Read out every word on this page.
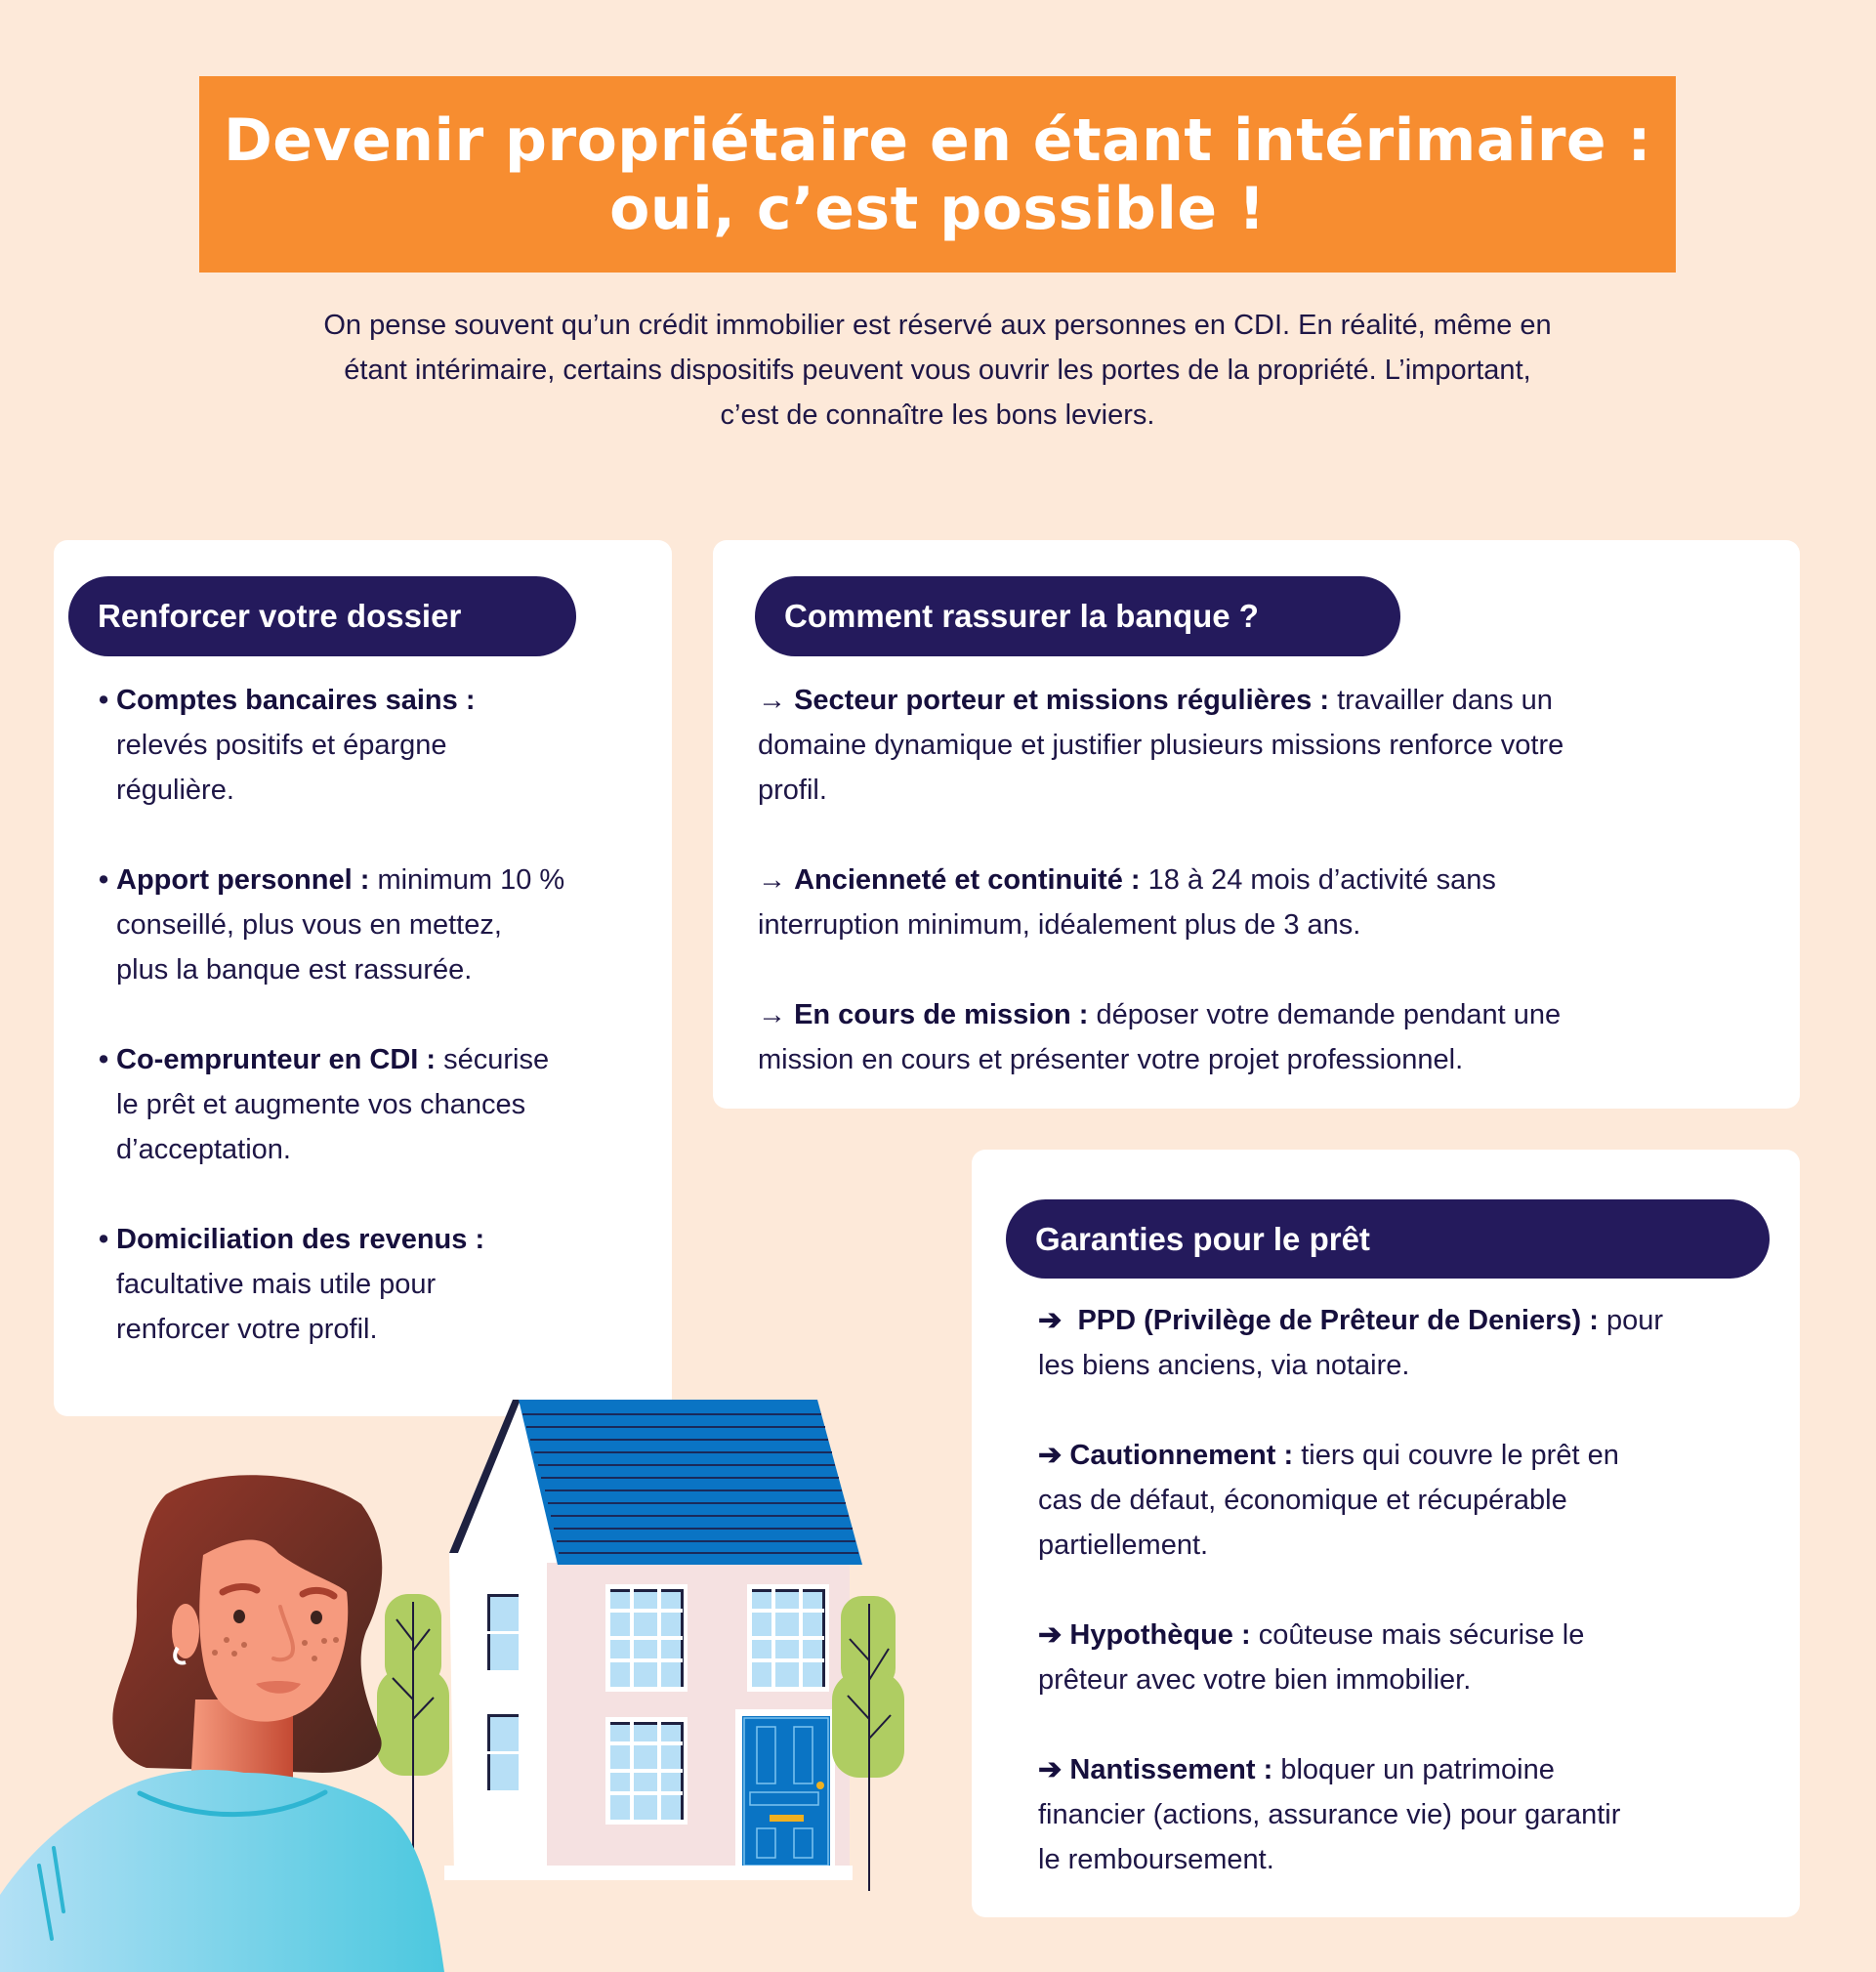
Devenir propriétaire en étant intérimaire :
oui, c’est possible !
On pense souvent qu’un crédit immobilier est réservé aux personnes en CDI. En réalité, même en
étant intérimaire, certains dispositifs peuvent vous ouvrir les portes de la propriété. L’important,
c’est de connaître les bons leviers.
Renforcer votre dossier
• Comptes bancaires sains :
relevés positifs et épargne
régulière.
• Apport personnel : minimum 10 %
conseillé, plus vous en mettez,
plus la banque est rassurée.
• Co-emprunteur en CDI : sécurise
le prêt et augmente vos chances
d’acceptation.
• Domiciliation des revenus :
facultative mais utile pour
renforcer votre profil.
Comment rassurer la banque ?
→ Secteur porteur et missions régulières : travailler dans un
domaine dynamique et justifier plusieurs missions renforce votre
profil.
→ Ancienneté et continuité : 18 à 24 mois d’activité sans
interruption minimum, idéalement plus de 3 ans.
→ En cours de mission : déposer votre demande pendant une
mission en cours et présenter votre projet professionnel.
Garanties pour le prêt
➔ PPD (Privilège de Prêteur de Deniers) : pour
les biens anciens, via notaire.
➔ Cautionnement : tiers qui couvre le prêt en
cas de défaut, économique et récupérable
partiellement.
➔ Hypothèque : coûteuse mais sécurise le
prêteur avec votre bien immobilier.
➔ Nantissement : bloquer un patrimoine
financier (actions, assurance vie) pour garantir
le remboursement.
